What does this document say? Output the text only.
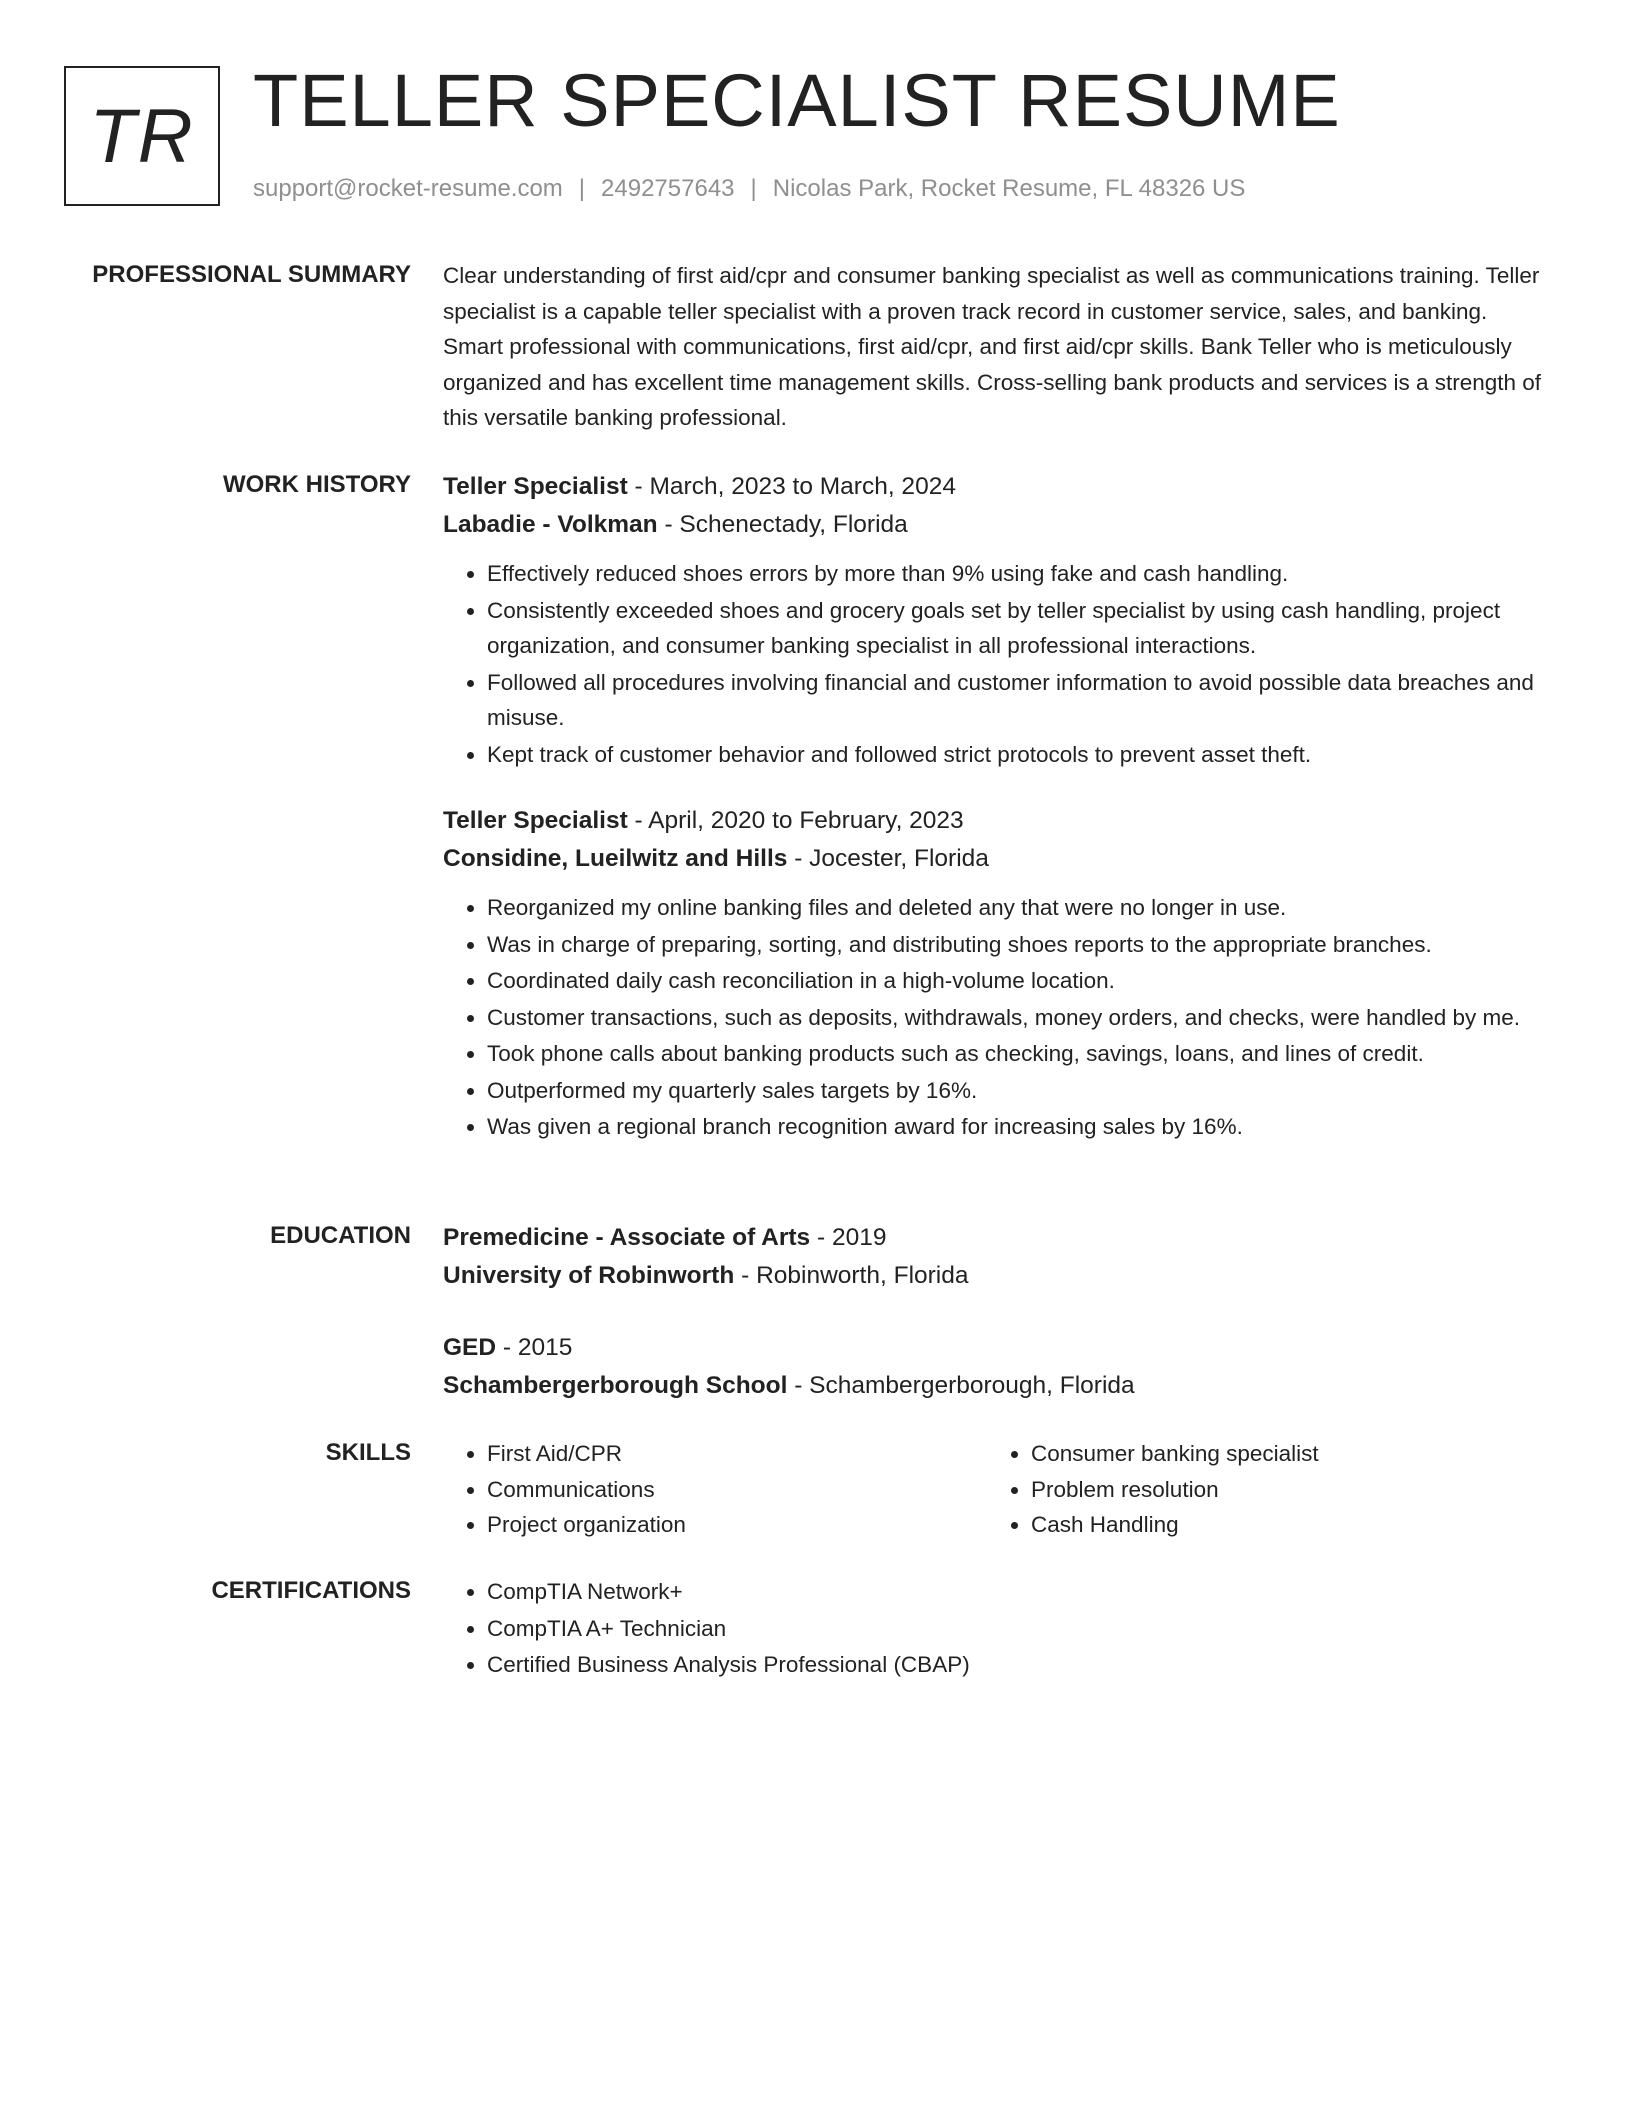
TR TELLER SPECIALIST RESUME
support@rocket-resume.com | 2492757643 | Nicolas Park, Rocket Resume, FL 48326 US
PROFESSIONAL SUMMARY Clear understanding of first aid/cpr and consumer banking specialist as well as communications training. Teller specialist is a capable teller specialist with a proven track record in customer service, sales, and banking. Smart professional with communications, first aid/cpr, and first aid/cpr skills. Bank Teller who is meticulously organized and has excellent time management skills. Cross-selling bank products and services is a strength of this versatile banking professional.

WORK HISTORY Teller Specialist - March, 2023 to March, 2024
Labadie - Volkman - Schenectady, Florida
• Effectively reduced shoes errors by more than 9% using fake and cash handling.
• Consistently exceeded shoes and grocery goals set by teller specialist by using cash handling, project organization, and consumer banking specialist in all professional interactions.
• Followed all procedures involving financial and customer information to avoid possible data breaches and misuse.
• Kept track of customer behavior and followed strict protocols to prevent asset theft.
Teller Specialist - April, 2020 to February, 2023
Considine, Lueilwitz and Hills - Jocester, Florida
• Reorganized my online banking files and deleted any that were no longer in use.
• Was in charge of preparing, sorting, and distributing shoes reports to the appropriate branches.
• Coordinated daily cash reconciliation in a high-volume location.
• Customer transactions, such as deposits, withdrawals, money orders, and checks, were handled by me.
• Took phone calls about banking products such as checking, savings, loans, and lines of credit.
• Outperformed my quarterly sales targets by 16%.
• Was given a regional branch recognition award for increasing sales by 16%.
EDUCATION Premedicine - Associate of Arts - 2019
University of Robinworth - Robinworth, Florida
GED - 2015
Schambergerborough School - Schambergerborough, Florida
SKILLS	• First Aid/CPR
• Communications
• Project organization
• Consumer banking specialist
• Problem resolution
• Cash Handling
CERTIFICATIONS	• CompTIA Network+
• CompTIA A+ Technician
• Certified Business Analysis Professional (CBAP)
